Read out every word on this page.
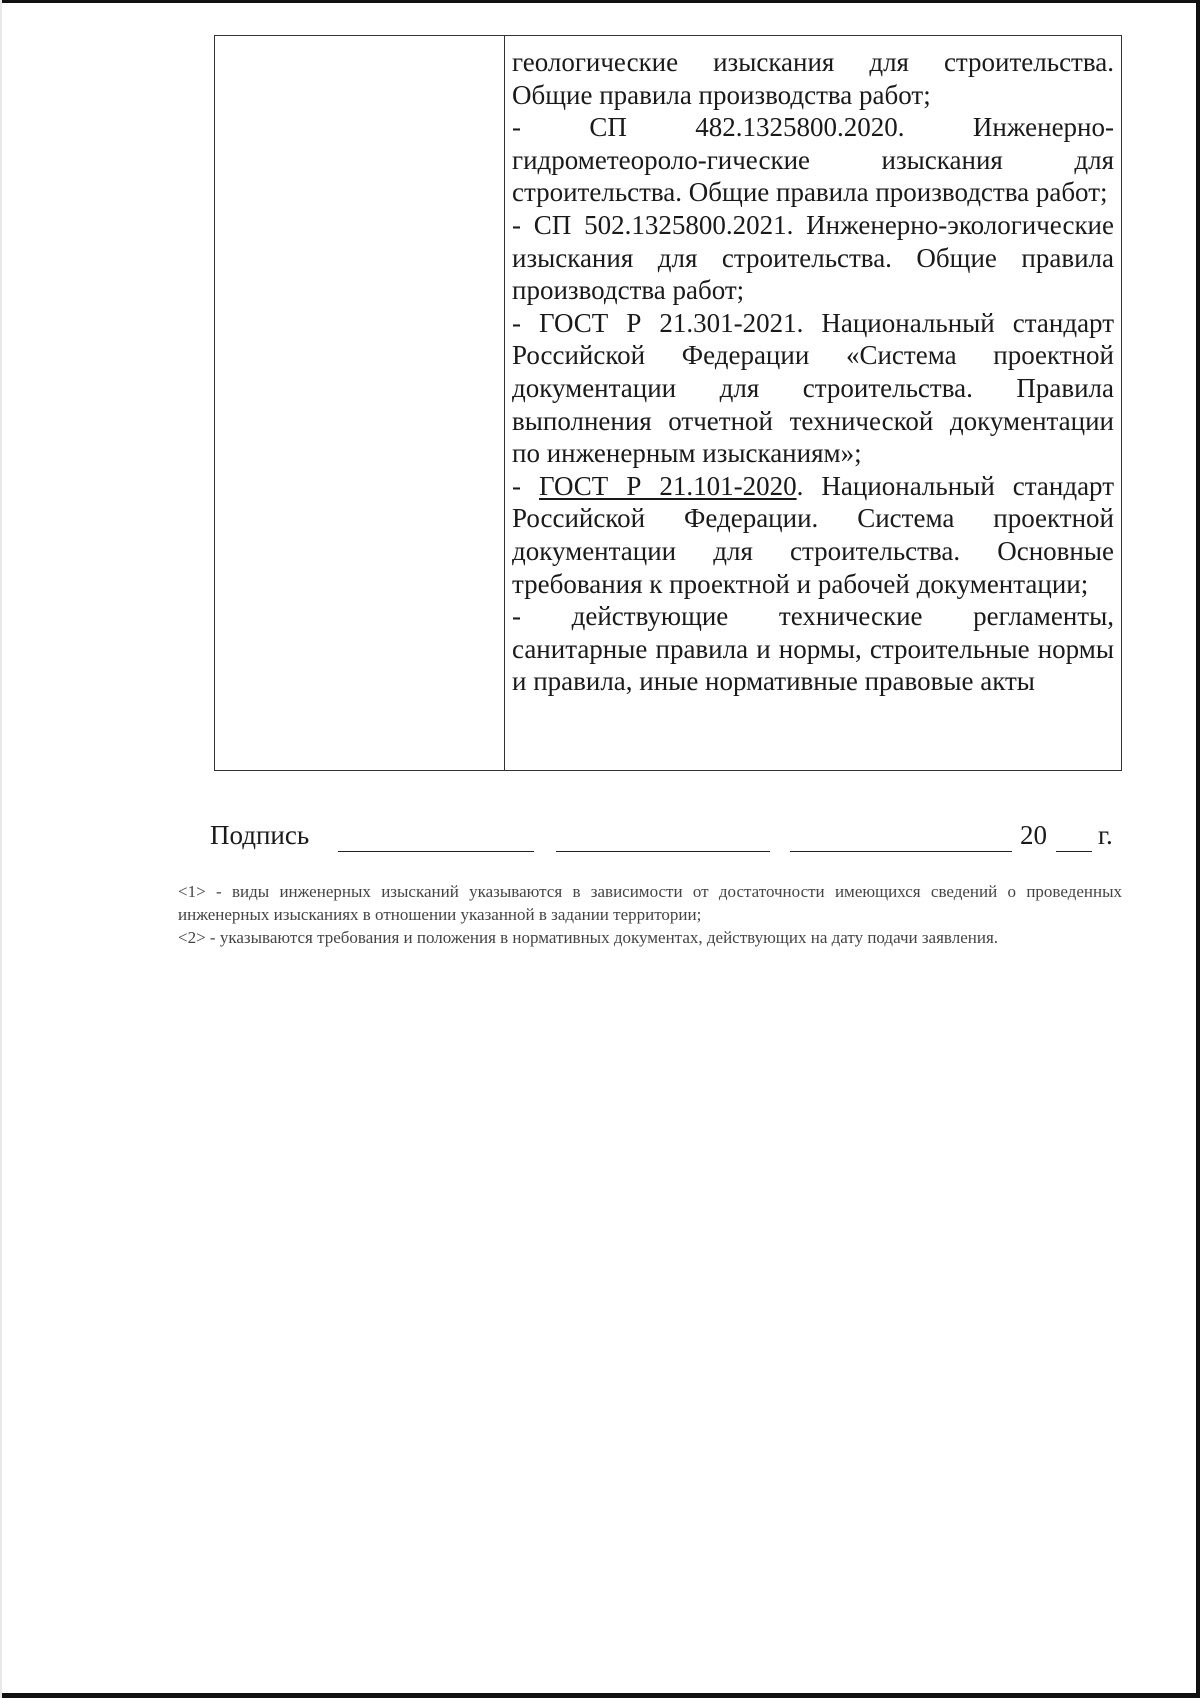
геологические изыскания для строительства. Общие правила производства работ;

- СП 482.1325800.2020. Инженерно-гидрометеороло-гические изыскания для строительства. Общие правила производства работ;

- СП 502.1325800.2021. Инженерно-экологические изыскания для строительства. Общие правила производства работ;

- ГОСТ Р 21.301-2021. Национальный стандарт Российской Федерации «Система проектной документации для строительства. Правила выполнения отчетной технической документации по инженерным изысканиям»;

- ГОСТ Р 21.101-2020. Национальный стандарт Российской Федерации. Система проектной документации для строительства. Основные требования к проектной и рабочей документации;

- действующие технические регламенты, санитарные правила и нормы, строительные нормы и правила, иные нормативные правовые акты

Подпись	20 г.

<1> - виды инженерных изысканий указываются в зависимости от достаточности имеющихся сведений о проведенных инженерных изысканиях в отношении указанной в задании территории;

<2> - указываются требования и положения в нормативных документах, действующих на дату подачи заявления.
